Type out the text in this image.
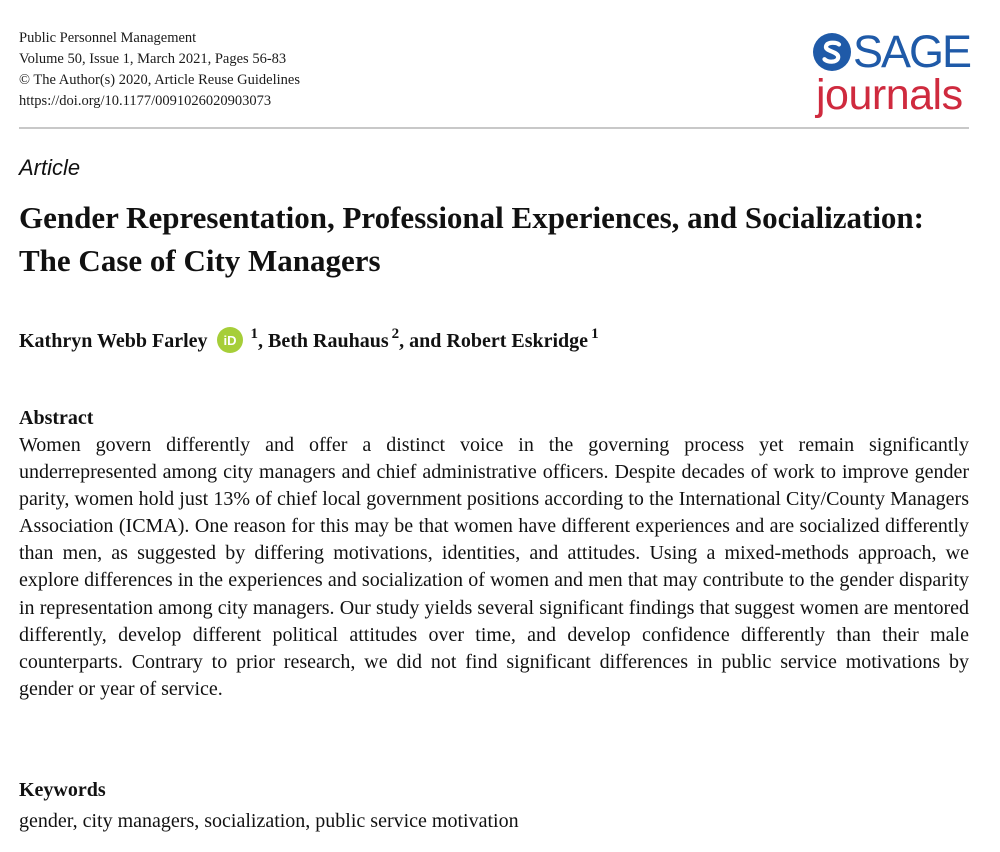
Public Personnel Management
Volume 50, Issue 1, March 2021, Pages 56-83
© The Author(s) 2020, Article Reuse Guidelines
https://doi.org/10.1177/0091026020903073
SAGE
journals
Article
Gender Representation, Professional Experiences, and Socialization: The Case of City Managers
Kathryn Webb Farley iD $^1$, Beth Rauhaus $^2$, and Robert Eskridge $^1$
Abstract

Women govern differently and offer a distinct voice in the governing process yet remain significantly underrepresented among city managers and chief administrative officers. Despite decades of work to improve gender parity, women hold just 13% of chief local government positions according to the International City/County Managers Association (ICMA). One reason for this may be that women have different experiences and are socialized differently than men, as suggested by differing motivations, identities, and attitudes. Using a mixed-methods approach, we explore differences in the experiences and socialization of women and men that may contribute to the gender disparity in representation among city managers. Our study yields several significant findings that suggest women are mentored differently, develop different political attitudes over time, and develop confidence differently than their male counterparts. Contrary to prior research, we did not find significant differences in public service motivations by gender or year of service.

Keywords
gender, city managers, socialization, public service motivation
